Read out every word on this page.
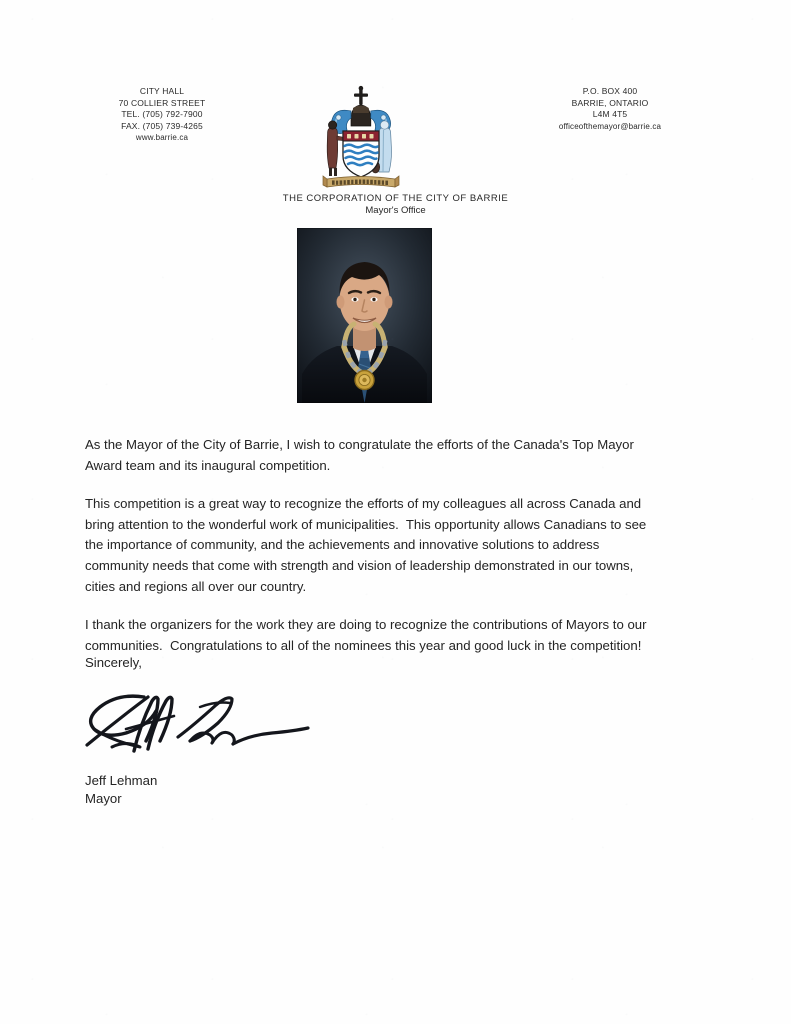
CITY HALL
70 COLLIER STREET
TEL. (705) 792-7900
FAX. (705) 739-4265
www.barrie.ca
P.O. BOX 400
BARRIE, ONTARIO
L4M 4T5
officeofthemayor@barrie.ca
THE CORPORATION OF THE CITY OF BARRIE
Mayor's Office

As the Mayor of the City of Barrie, I wish to congratulate the efforts of the Canada's Top Mayor Award team and its inaugural competition.

This competition is a great way to recognize the efforts of my colleagues all across Canada and bring attention to the wonderful work of municipalities.  This opportunity allows Canadians to see the importance of community, and the achievements and innovative solutions to address community needs that come with strength and vision of leadership demonstrated in our towns, cities and regions all over our country.

I thank the organizers for the work they are doing to recognize the contributions of Mayors to our communities.  Congratulations to all of the nominees this year and good luck in the competition!

Sincerely,
Jeff Lehman
Mayor
